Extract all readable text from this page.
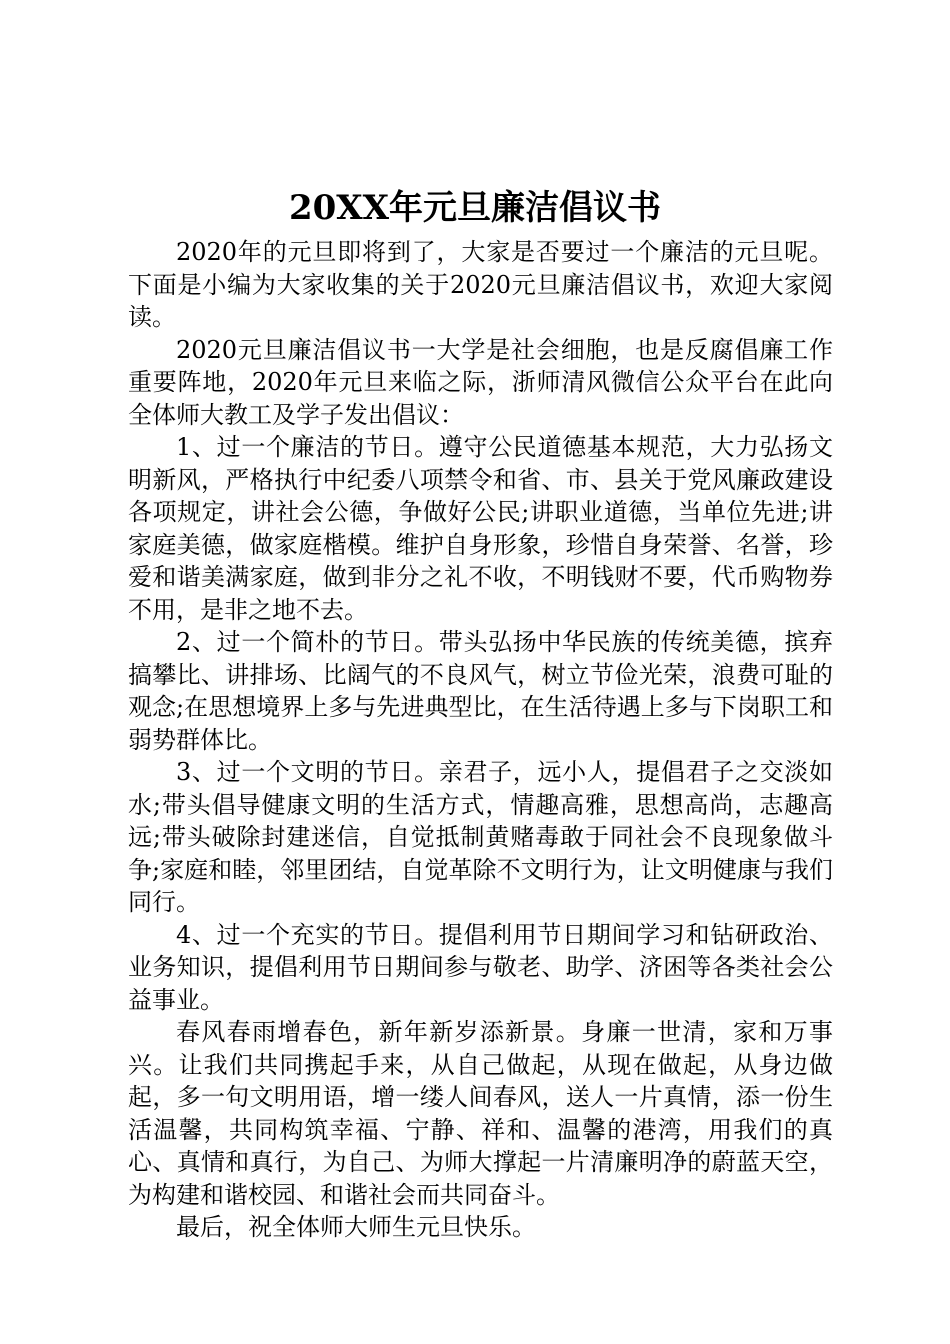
20XX年元旦廉洁倡议书

2020年的元旦即将到了，大家是否要过一个廉洁的元旦呢。下面是小编为大家收集的关于2020元旦廉洁倡议书，欢迎大家阅读。

2020元旦廉洁倡议书一大学是社会细胞，也是反腐倡廉工作重要阵地，2020年元旦来临之际，浙师清风微信公众平台在此向全体师大教工及学子发出倡议：

1、过一个廉洁的节日。遵守公民道德基本规范，大力弘扬文明新风，严格执行中纪委八项禁令和省、市、县关于党风廉政建设各项规定，讲社会公德，争做好公民;讲职业道德，当单位先进;讲家庭美德，做家庭楷模。维护自身形象，珍惜自身荣誉、名誉，珍爱和谐美满家庭，做到非分之礼不收，不明钱财不要，代币购物券不用，是非之地不去。

2、过一个简朴的节日。带头弘扬中华民族的传统美德，摈弃搞攀比、讲排场、比阔气的不良风气，树立节俭光荣，浪费可耻的观念;在思想境界上多与先进典型比，在生活待遇上多与下岗职工和弱势群体比。

3、过一个文明的节日。亲君子，远小人，提倡君子之交淡如水;带头倡导健康文明的生活方式，情趣高雅，思想高尚，志趣高远;带头破除封建迷信，自觉抵制黄赌毒敢于同社会不良现象做斗争;家庭和睦，邻里团结，自觉革除不文明行为，让文明健康与我们同行。

4、过一个充实的节日。提倡利用节日期间学习和钻研政治、业务知识，提倡利用节日期间参与敬老、助学、济困等各类社会公益事业。

春风春雨增春色，新年新岁添新景。身廉一世清，家和万事兴。让我们共同携起手来，从自己做起，从现在做起，从身边做起，多一句文明用语，增一缕人间春风，送人一片真情，添一份生活温馨，共同构筑幸福、宁静、祥和、温馨的港湾，用我们的真心、真情和真行，为自己、为师大撑起一片清廉明净的蔚蓝天空，为构建和谐校园、和谐社会而共同奋斗。

最后，祝全体师大师生元旦快乐。
